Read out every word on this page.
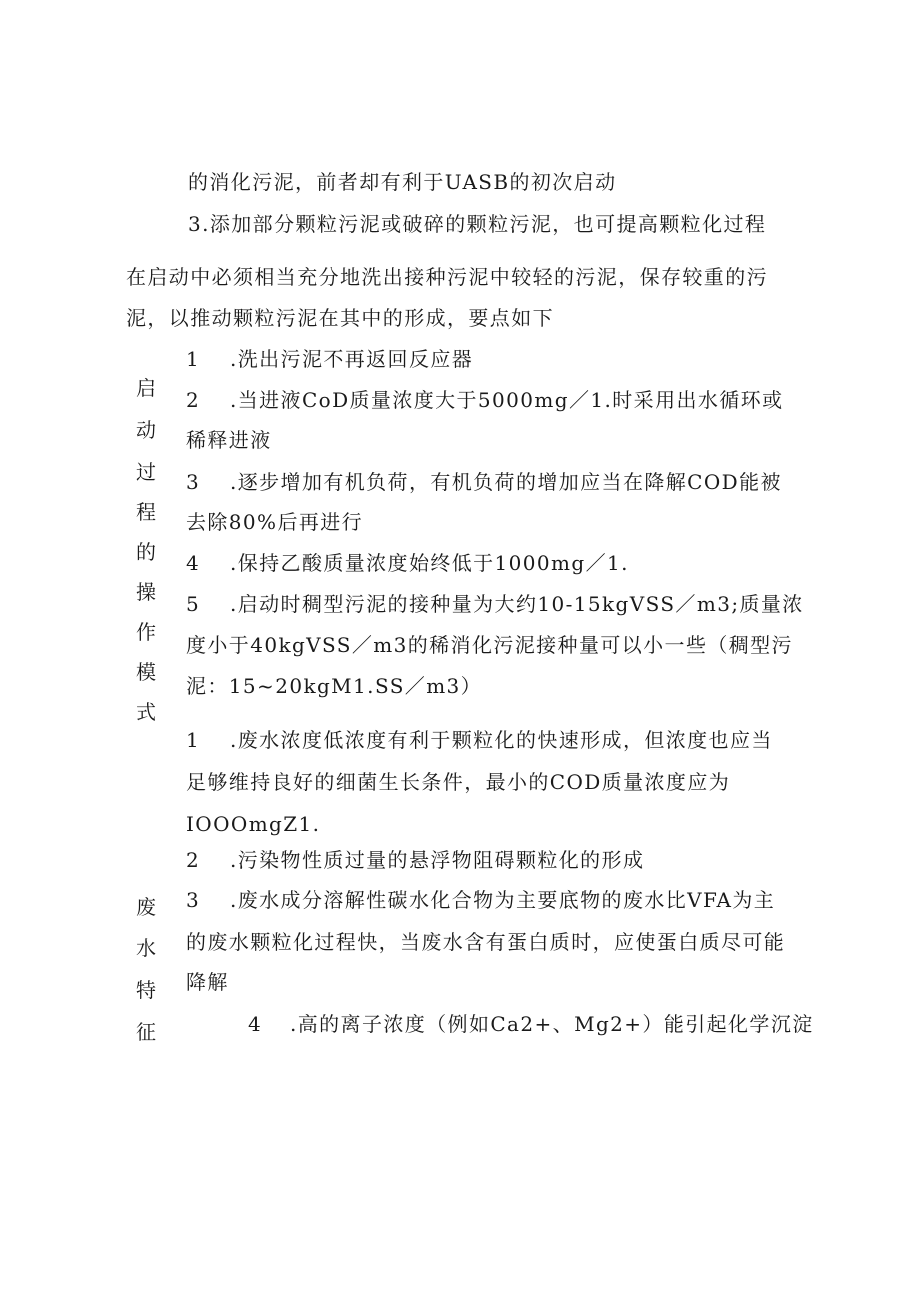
的消化污泥，前者却有利于UASB的初次启动
3.添加部分颗粒污泥或破碎的颗粒污泥，也可提高颗粒化过程
在启动中必须相当充分地洗出接种污泥中较轻的污泥，保存较重的污
泥，以推动颗粒污泥在其中的形成，要点如下
启
动
过
程
的
操
作
模
式
1 .洗出污泥不再返回反应器
2 .当进液CoD质量浓度大于5000mg／1.时采用出水循环或
稀释进液
3 .逐步增加有机负荷，有机负荷的增加应当在降解COD能被
去除80%后再进行
4 .保持乙酸质量浓度始终低于1000mg／1.
5 .启动时稠型污泥的接种量为大约10-15kgVSS／m3;质量浓
度小于40kgVSS／m3的稀消化污泥接种量可以小一些（稠型污
泥：15~20kgM1.SS／m3）
1 .废水浓度低浓度有利于颗粒化的快速形成，但浓度也应当
足够维持良好的细菌生长条件，最小的COD质量浓度应为
IOOOmgZ1.
2 .污染物性质过量的悬浮物阻碍颗粒化的形成
废
水
特
征
3 .废水成分溶解性碳水化合物为主要底物的废水比VFA为主
的废水颗粒化过程快，当废水含有蛋白质时，应使蛋白质尽可能
降解
4 .高的离子浓度（例如Ca2+、Mg2+）能引起化学沉淀
